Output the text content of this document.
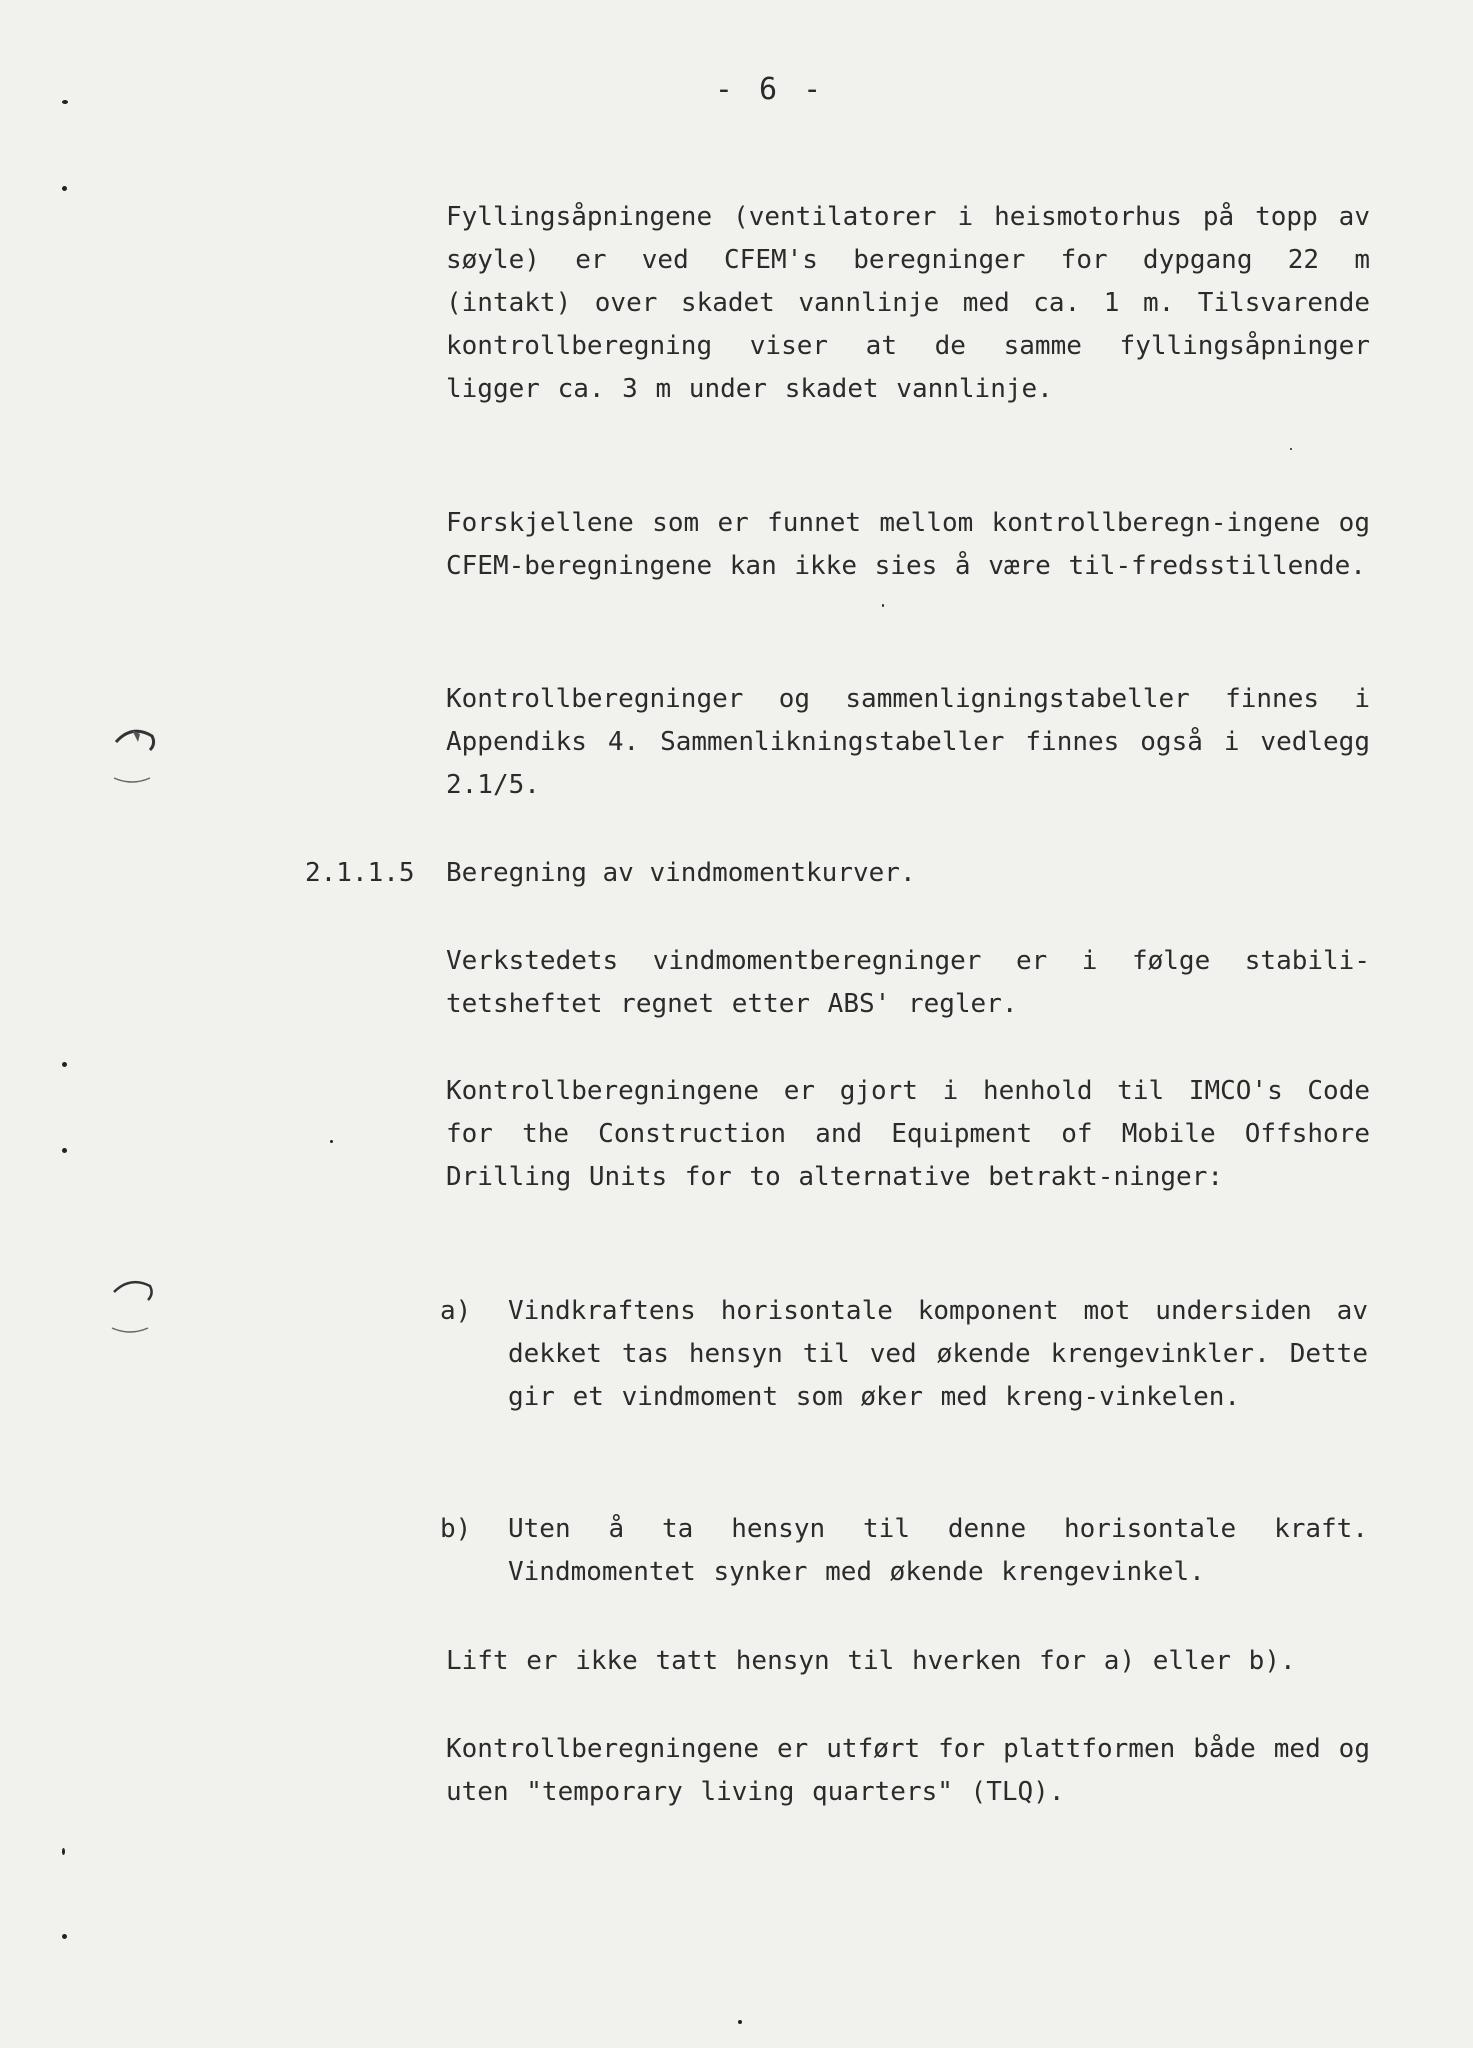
- 6 -
Fyllingsåpningene (ventilatorer i heismotorhus på topp av søyle) er ved CFEM's beregninger for dypgang 22 m (intakt) over skadet vannlinje med ca. 1 m. Tilsvarende kontrollberegning viser at de samme fyllingsåpninger ligger ca. 3 m under skadet vannlinje.
Forskjellene som er funnet mellom kontrollberegn-ingene og CFEM-beregningene kan ikke sies å være til-fredsstillende.
Kontrollberegninger og sammenligningstabeller finnes i Appendiks 4. Sammenlikningstabeller finnes også i vedlegg 2.1/5.
2.1.1.5 Beregning av vindmomentkurver.
Verkstedets vindmomentberegninger er i følge stabili-tetsheftet regnet etter ABS' regler.
Kontrollberegningene er gjort i henhold til IMCO's Code for the Construction and Equipment of Mobile Offshore Drilling Units for to alternative betrakt-ninger:
a) Vindkraftens horisontale komponent mot undersiden av dekket tas hensyn til ved økende krengevinkler. Dette gir et vindmoment som øker med kreng-vinkelen.
b) Uten å ta hensyn til denne horisontale kraft. Vindmomentet synker med økende krengevinkel.
Lift er ikke tatt hensyn til hverken for a) eller b).
Kontrollberegningene er utført for plattformen både med og uten "temporary living quarters" (TLQ).
